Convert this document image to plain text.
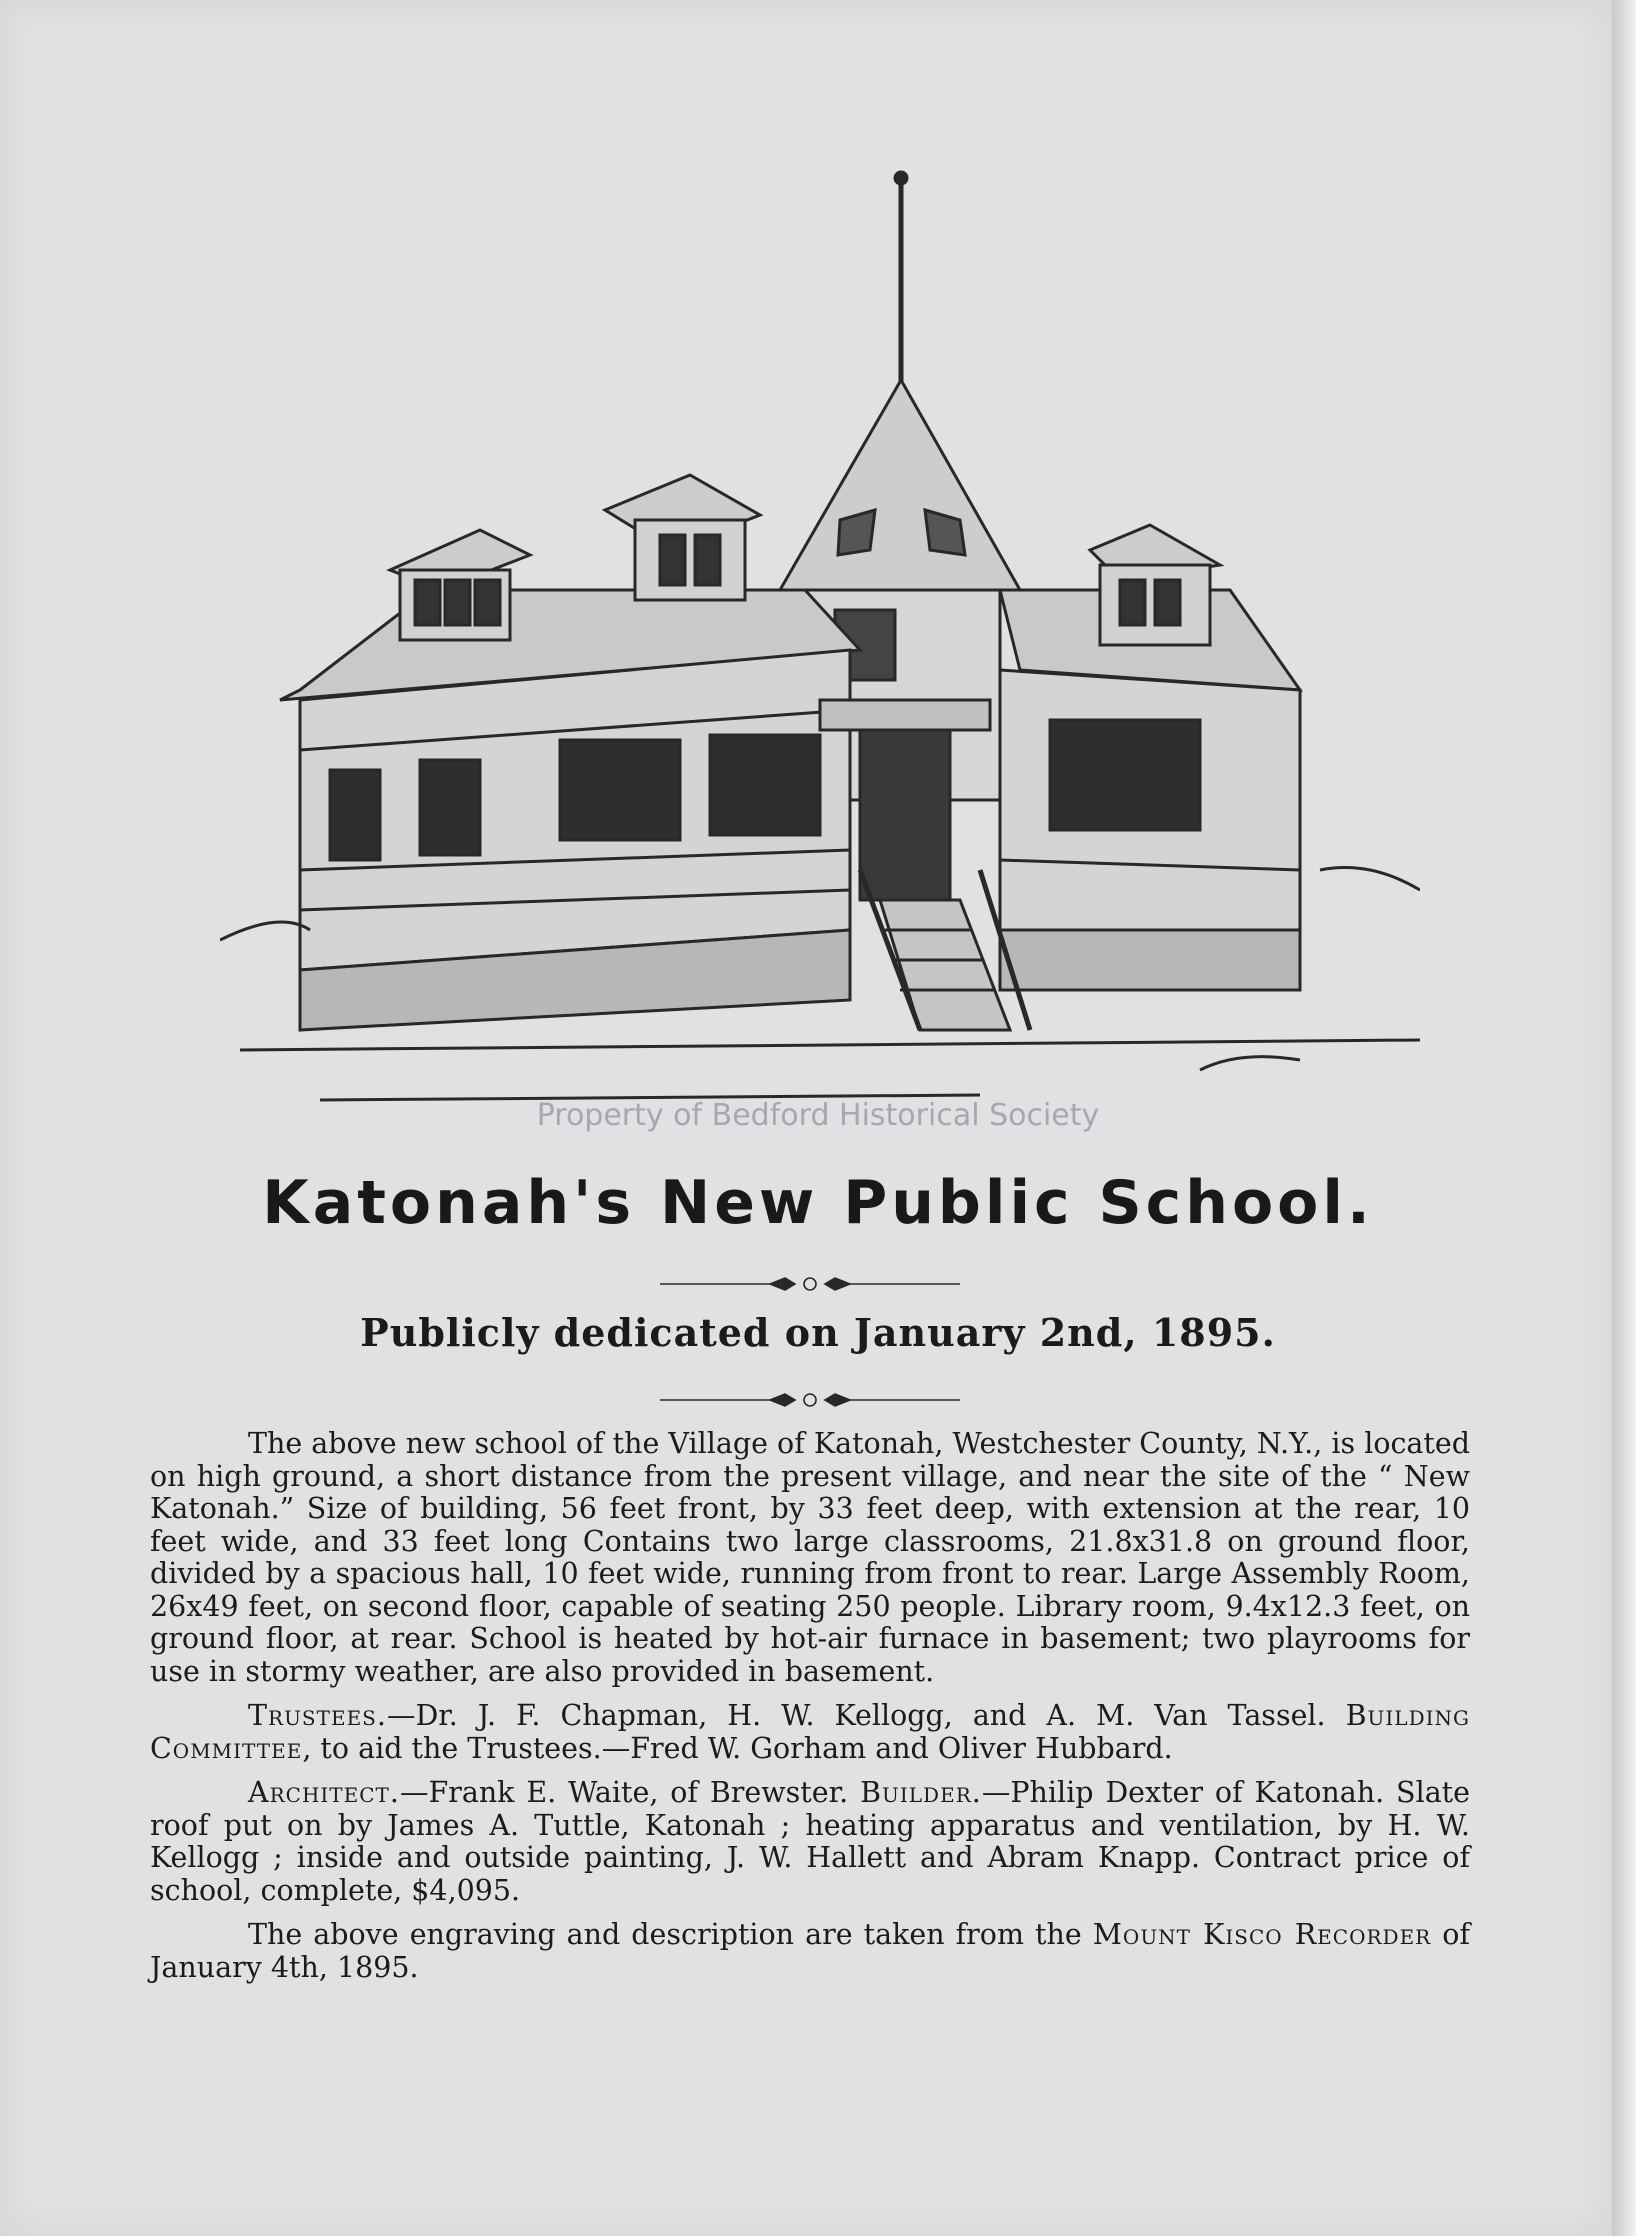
Property of Bedford Historical Society
Katonah's New Public School.
Publicly dedicated on January 2nd, 1895.

The above new school of the Village of Katonah, Westchester County, N.Y., is located on high ground, a short distance from the present village, and near the site of the “ New Katonah.” Size of building, 56 feet front, by 33 feet deep, with extension at the rear, 10 feet wide, and 33 feet long Contains two large classrooms, 21.8x31.8 on ground floor, divided by a spacious hall, 10 feet wide, running from front to rear. Large Assembly Room, 26x49 feet, on second floor, capable of seating 250 people. Library room, 9.4x12.3 feet, on ground floor, at rear. School is heated by hot-air furnace in basement; two playrooms for use in stormy weather, are also provided in basement.

Trustees.—Dr. J. F. Chapman, H. W. Kellogg, and A. M. Van Tassel. Building Committee, to aid the Trustees.—Fred W. Gorham and Oliver Hubbard.

Architect.—Frank E. Waite, of Brewster. Builder.—Philip Dexter of Katonah. Slate roof put on by James A. Tuttle, Katonah ; heating apparatus and ventilation, by H. W. Kellogg ; inside and outside painting, J. W. Hallett and Abram Knapp. Contract price of school, complete, $4,095.

The above engraving and description are taken from the Mount Kisco Recorder of January 4th, 1895.
